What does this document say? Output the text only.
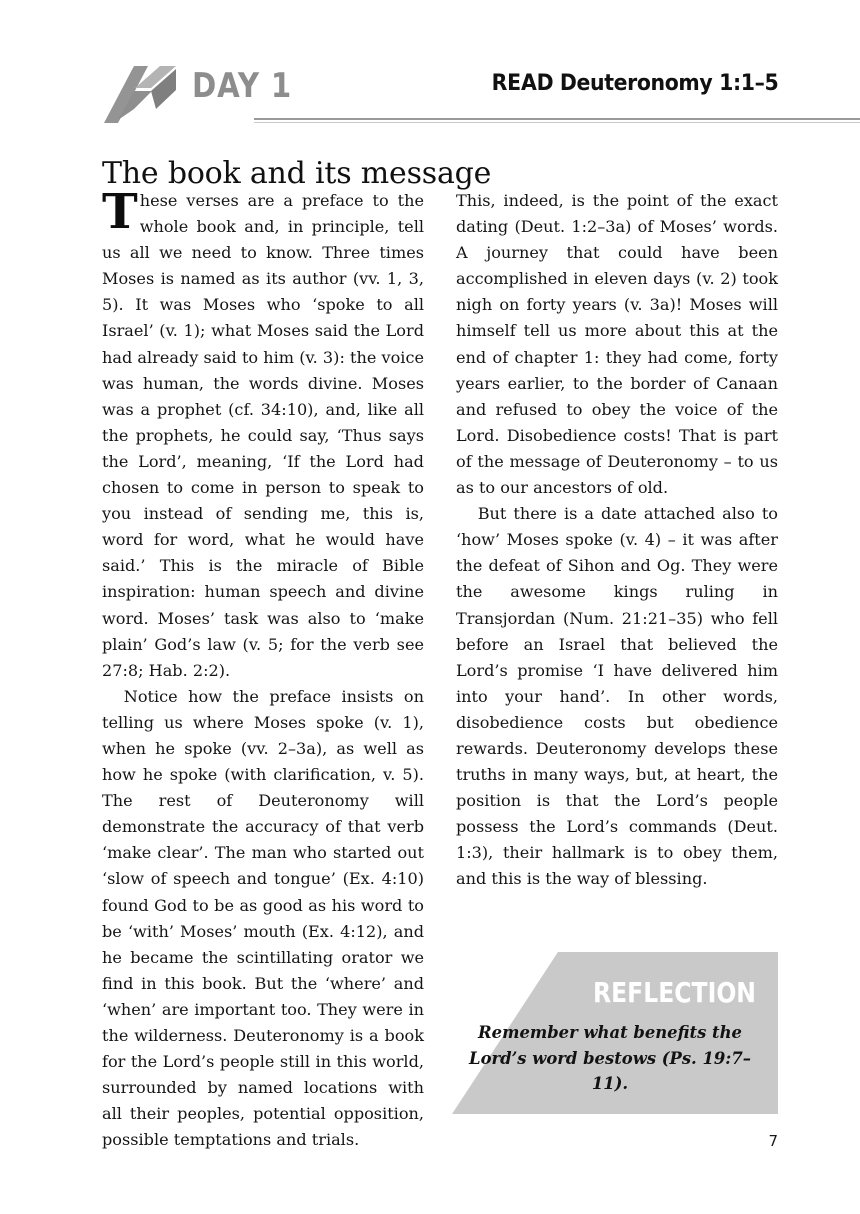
DAY 1	READ Deuteronomy 1:1–5
The book and its message

These verses are a preface to the whole book and, in principle, tell us all we need to know. Three times Moses is named as its author (vv. 1, 3, 5). It was Moses who ‘spoke to all Israel’ (v. 1); what Moses said the Lord had already said to him (v. 3): the voice was human, the words divine. Moses was a prophet (cf. 34:10), and, like all the prophets, he could say, ‘Thus says the Lord’, meaning, ‘If the Lord had chosen to come in person to speak to you instead of sending me, this is, word for word, what he would have said.’ This is the miracle of Bible inspiration: human speech and divine word. Moses’ task was also to ‘make plain’ God’s law (v. 5; for the verb see 27:8; Hab. 2:2).

Notice how the preface insists on telling us where Moses spoke (v. 1), when he spoke (vv. 2–3a), as well as how he spoke (with clarification, v. 5). The rest of Deuteronomy will demonstrate the accuracy of that verb ‘make clear’. The man who started out ‘slow of speech and tongue’ (Ex. 4:10) found God to be as good as his word to be ‘with’ Moses’ mouth (Ex. 4:12), and he became the scintillating orator we find in this book. But the ‘where’ and ‘when’ are important too. They were in the wilderness. Deuteronomy is a book for the Lord’s people still in this world, surrounded by named locations with all their peoples, potential opposition, possible temptations and trials.

This, indeed, is the point of the exact dating (Deut. 1:2–3a) of Moses’ words. A journey that could have been accomplished in eleven days (v. 2) took nigh on forty years (v. 3a)! Moses will himself tell us more about this at the end of chapter 1: they had come, forty years earlier, to the border of Canaan and refused to obey the voice of the Lord. Disobedience costs! That is part of the message of Deuteronomy – to us as to our ancestors of old.

But there is a date attached also to ‘how’ Moses spoke (v. 4) – it was after the defeat of Sihon and Og. They were the awesome kings ruling in Transjordan (Num. 21:21–35) who fell before an Israel that believed the Lord’s promise ‘I have delivered him into your hand’. In other words, disobedience costs but obedience rewards. Deuteronomy develops these truths in many ways, but, at heart, the position is that the Lord’s people possess the Lord’s commands (Deut. 1:3), their hallmark is to obey them, and this is the way of blessing.

REFLECTION
Remember what benefits the Lord’s word bestows (Ps. 19:7–11).
7
